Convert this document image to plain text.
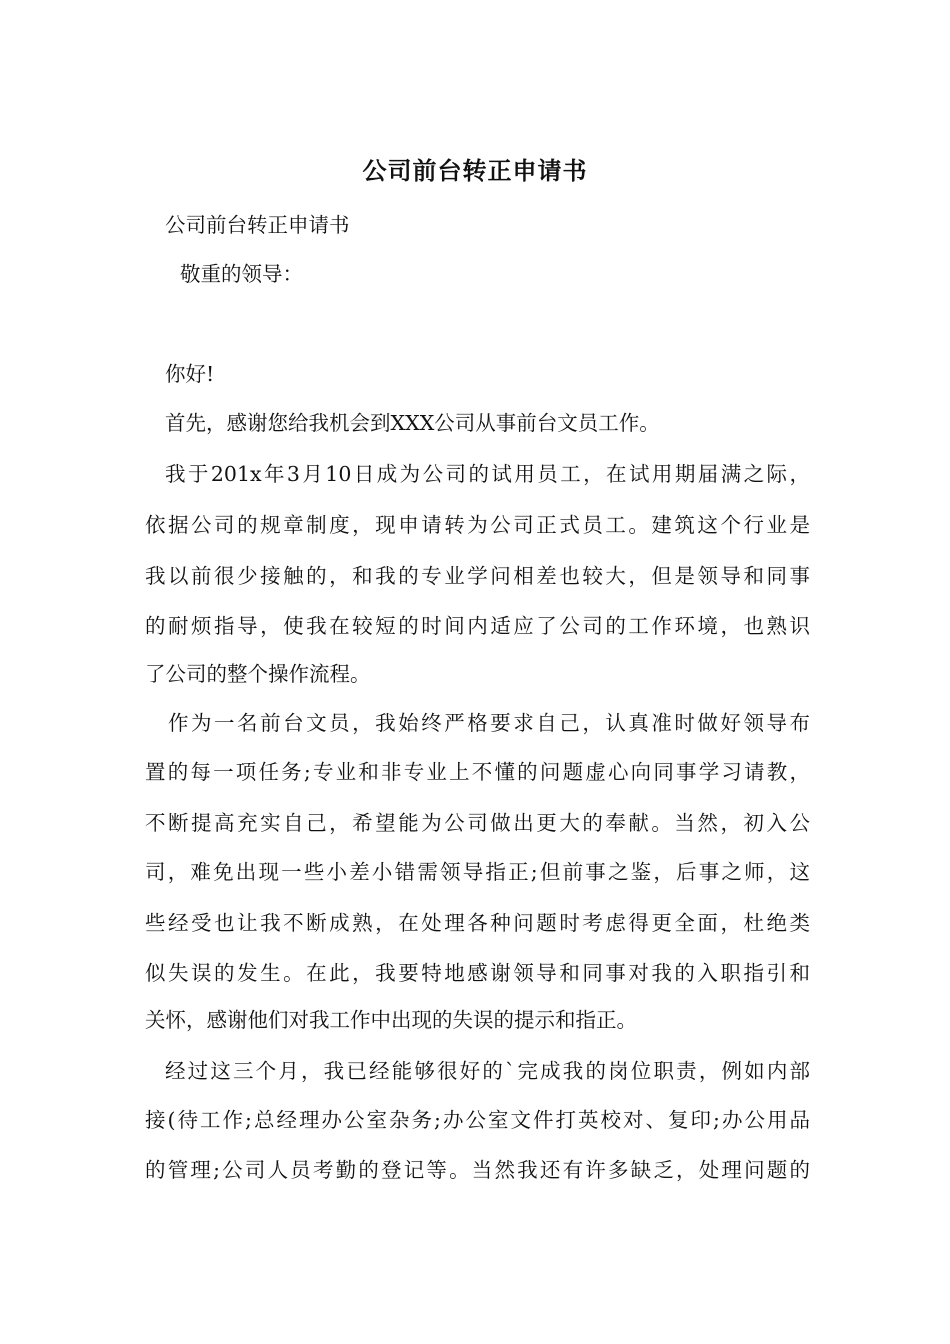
公司前台转正申请书
公司前台转正申请书
敬重的领导：
你好!
首先，感谢您给我机会到XXX公司从事前台文员工作。
我于201x年3月10日成为公司的试用员工，在试用期届满之际，
依据公司的规章制度，现申请转为公司正式员工。建筑这个行业是
我以前很少接触的，和我的专业学问相差也较大，但是领导和同事
的耐烦指导，使我在较短的时间内适应了公司的工作环境，也熟识
了公司的整个操作流程。
作为一名前台文员，我始终严格要求自己，认真准时做好领导布
置的每一项任务;专业和非专业上不懂的问题虚心向同事学习请教，
不断提高充实自己，希望能为公司做出更大的奉献。当然，初入公
司，难免出现一些小差小错需领导指正;但前事之鉴，后事之师，这
些经受也让我不断成熟，在处理各种问题时考虑得更全面，杜绝类
似失误的发生。在此，我要特地感谢领导和同事对我的入职指引和
关怀，感谢他们对我工作中出现的失误的提示和指正。
经过这三个月，我已经能够很好的`完成我的岗位职责，例如内部
接(待工作;总经理办公室杂务;办公室文件打英校对、复印;办公用品
的管理;公司人员考勤的登记等。当然我还有许多缺乏，处理问题的
